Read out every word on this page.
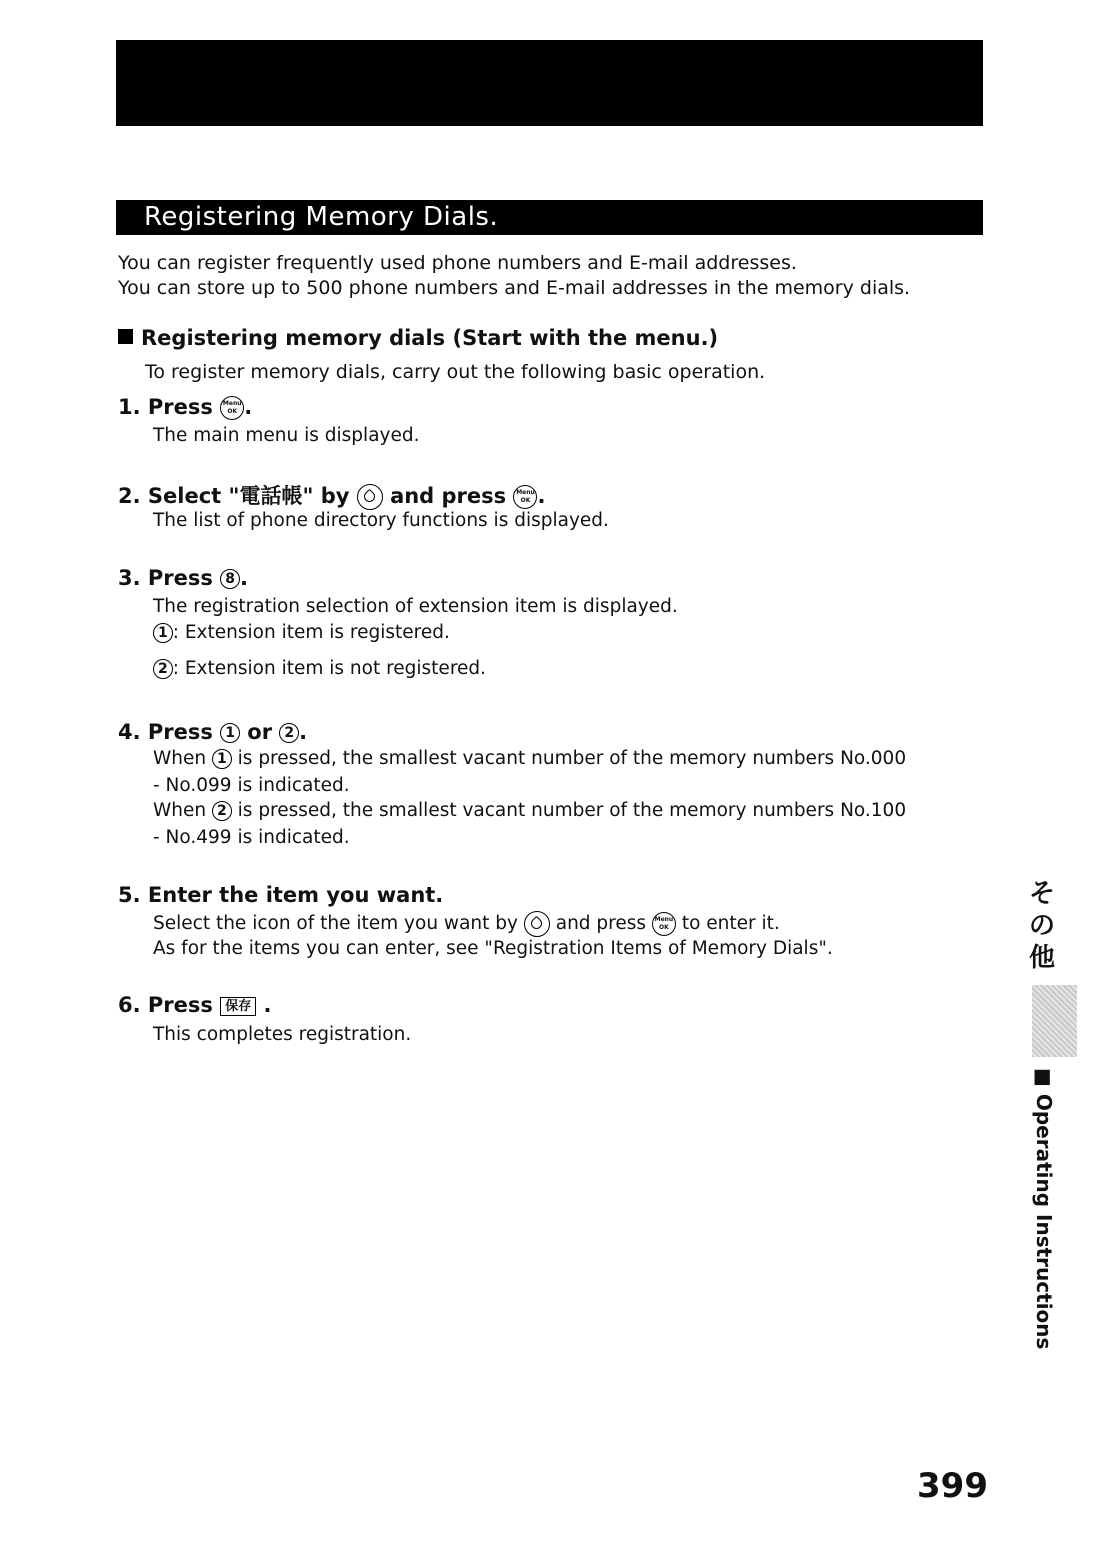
Registering Memory Dials.
You can register frequently used phone numbers and E-mail addresses.
You can store up to 500 phone numbers and E-mail addresses in the memory dials.
Registering memory dials (Start with the menu.)
To register memory dials, carry out the following basic operation.
1. Press Menu
OK .
The main menu is displayed.
2. Select "電話帳" by and press Menu
OK .
The list of phone directory functions is displayed.
3. Press 8 .
The registration selection of extension item is displayed.
1 : Extension item is registered.
2 : Extension item is not registered.
4. Press 1 or 2 .
When 1 is pressed, the smallest vacant number of the memory numbers No.000
- No.099 is indicated.
When 2 is pressed, the smallest vacant number of the memory numbers No.100
- No.499 is indicated.
5. Enter the item you want.
Select the icon of the item you want by and press Menu
OK to enter it.
As for the items you can enter, see "Registration Items of Memory Dials".
6. Press 保存 .
This completes registration.
そ
の
他
■ Operating Instructions
399
